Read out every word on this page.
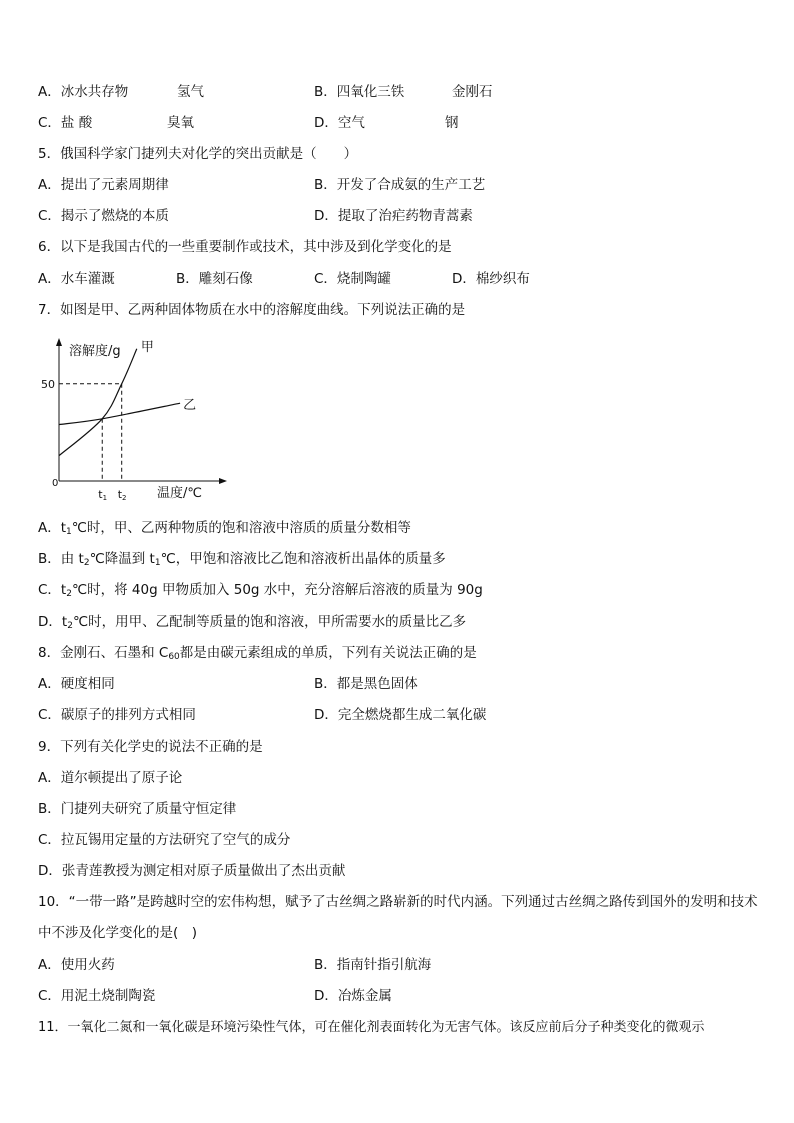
A．冰水共存物	氢气	B．四氧化三铁	金刚石
C．盐 酸	臭氧	D．空气	钢
5．俄国科学家门捷列夫对化学的突出贡献是（　　）
A．提出了元素周期律	B．开发了合成氨的生产工艺
C．揭示了燃烧的本质	D．提取了治疟药物青蒿素
6．以下是我国古代的一些重要制作或技术，其中涉及到化学变化的是
A．水车灌溉	B．雕刻石像	C．烧制陶罐	D．棉纱织布
7．如图是甲、乙两种固体物质在水中的溶解度曲线。下列说法正确的是
溶解度/g 甲
乙
50
0
t1 t2 温度/℃
A．$t_1℃$时，甲、乙两种物质的饱和溶液中溶质的质量分数相等
B．由 $t_2℃$降温到 $t_1℃$，甲饱和溶液比乙饱和溶液析出晶体的质量多
C．$t_2℃$时，将 40g 甲物质加入 50g 水中，充分溶解后溶液的质量为 90g
D．$t_2℃$时，用甲、乙配制等质量的饱和溶液，甲所需要水的质量比乙多
8．金刚石、石墨和 $C_{60}$都是由碳元素组成的单质，下列有关说法正确的是
A．硬度相同	B．都是黑色固体
C．碳原子的排列方式相同	D．完全燃烧都生成二氧化碳
9．下列有关化学史的说法不正确的是
A．道尔顿提出了原子论
B．门捷列夫研究了质量守恒定律
C．拉瓦锡用定量的方法研究了空气的成分
D．张青莲教授为测定相对原子质量做出了杰出贡献
10．“一带一路”是跨越时空的宏伟构想，赋予了古丝绸之路崭新的时代内涵。下列通过古丝绸之路传到国外的发明和技术中不涉及化学变化的是(　)
A．使用火药	B．指南针指引航海
C．用泥土烧制陶瓷	D．冶炼金属
11．一氧化二氮和一氧化碳是环境污染性气体，可在催化剂表面转化为无害气体。该反应前后分子种类变化的微观示
